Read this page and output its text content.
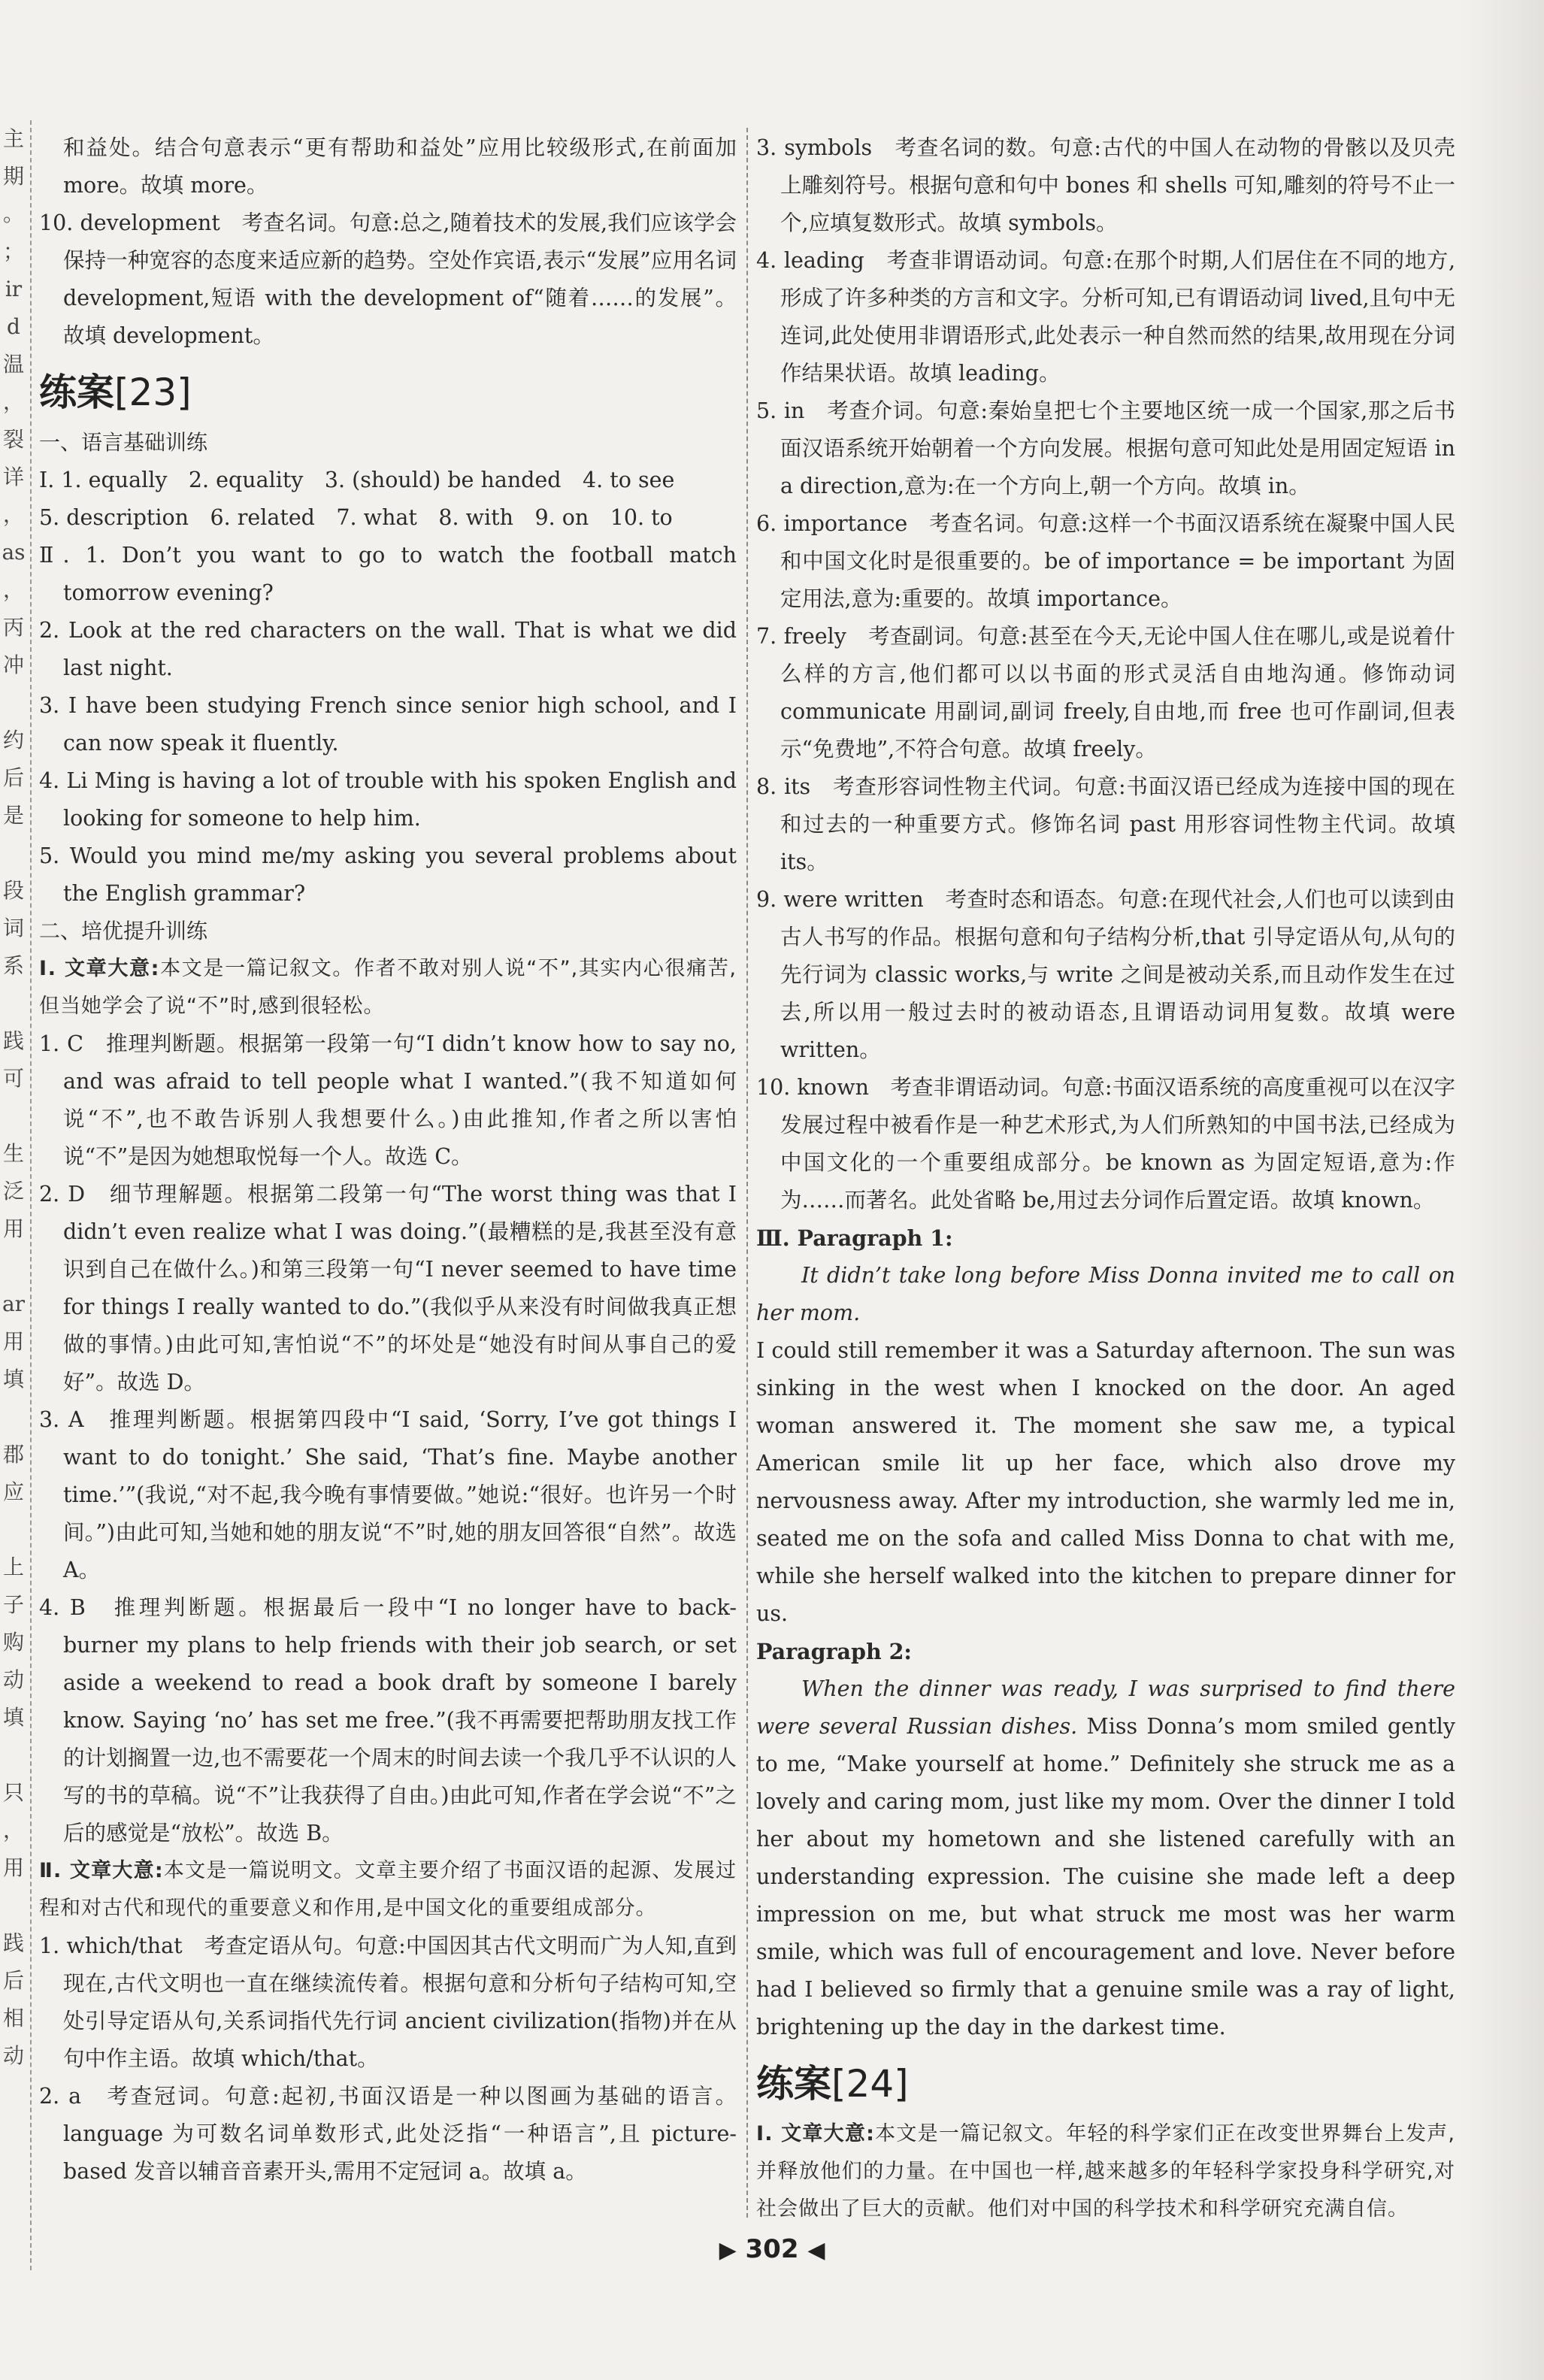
主
期
。
；
ir
d
温
，
裂
详
，
as
，
丙
冲
约
后
是
段
词
系
践
可
生
泛
用
ar
用
填
郡
应
上
子
购
动
填
只
，
用
践
后
相
动

和益处。结合句意表示“更有帮助和益处”应用比较级形式,在前面加 more。故填 more。

10. development　考查名词。句意:总之,随着技术的发展,我们应该学会保持一种宽容的态度来适应新的趋势。空处作宾语,表示“发展”应用名词development,短语 with the development of“随着……的发展”。故填 development。

练案[23]

一、语言基础训练

Ⅰ. 1. equally　2. equality　3. (should) be handed　4. to see

5. description　6. related　7. what　8. with　9. on　10. to

Ⅱ. 1. Don’t you want to go to watch the football match tomorrow evening?

2. Look at the red characters on the wall. That is what we did last night.

3. I have been studying French since senior high school, and I can now speak it fluently.

4. Li Ming is having a lot of trouble with his spoken English and looking for someone to help him.

5. Would you mind me/my asking you several problems about the English grammar?

二、培优提升训练

Ⅰ. 文章大意:本文是一篇记叙文。作者不敢对别人说“不”,其实内心很痛苦,但当她学会了说“不”时,感到很轻松。

1. C　推理判断题。根据第一段第一句“I didn’t know how to say no, and was afraid to tell people what I wanted.”(我不知道如何说“不”,也不敢告诉别人我想要什么。)由此推知,作者之所以害怕说“不”是因为她想取悦每一个人。故选 C。

2. D　细节理解题。根据第二段第一句“The worst thing was that I didn’t even realize what I was doing.”(最糟糕的是,我甚至没有意识到自己在做什么。)和第三段第一句“I never seemed to have time for things I really wanted to do.”(我似乎从来没有时间做我真正想做的事情。)由此可知,害怕说“不”的坏处是“她没有时间从事自己的爱好”。故选 D。

3. A　推理判断题。根据第四段中“I said, ‘Sorry, I’ve got things I want to do tonight.’ She said, ‘That’s fine. Maybe another time.’”(我说,“对不起,我今晚有事情要做。”她说:“很好。也许另一个时间。”)由此可知,当她和她的朋友说“不”时,她的朋友回答很“自然”。故选 A。

4. B　推理判断题。根据最后一段中“I no longer have to back-burner my plans to help friends with their job search, or set aside a weekend to read a book draft by someone I barely know. Saying ‘no’ has set me free.”(我不再需要把帮助朋友找工作的计划搁置一边,也不需要花一个周末的时间去读一个我几乎不认识的人写的书的草稿。说“不”让我获得了自由。)由此可知,作者在学会说“不”之后的感觉是“放松”。故选 B。

Ⅱ. 文章大意:本文是一篇说明文。文章主要介绍了书面汉语的起源、发展过程和对古代和现代的重要意义和作用,是中国文化的重要组成部分。

1. which/that　考查定语从句。句意:中国因其古代文明而广为人知,直到现在,古代文明也一直在继续流传着。根据句意和分析句子结构可知,空处引导定语从句,关系词指代先行词 ancient civilization(指物)并在从句中作主语。故填 which/that。

2. a　考查冠词。句意:起初,书面汉语是一种以图画为基础的语言。language 为可数名词单数形式,此处泛指“一种语言”,且 picture-based 发音以辅音音素开头,需用不定冠词 a。故填 a。

3. symbols　考查名词的数。句意:古代的中国人在动物的骨骸以及贝壳上雕刻符号。根据句意和句中 bones 和 shells 可知,雕刻的符号不止一个,应填复数形式。故填 symbols。

4. leading　考查非谓语动词。句意:在那个时期,人们居住在不同的地方,形成了许多种类的方言和文字。分析可知,已有谓语动词 lived,且句中无连词,此处使用非谓语形式,此处表示一种自然而然的结果,故用现在分词作结果状语。故填 leading。

5. in　考查介词。句意:秦始皇把七个主要地区统一成一个国家,那之后书面汉语系统开始朝着一个方向发展。根据句意可知此处是用固定短语 in a direction,意为:在一个方向上,朝一个方向。故填 in。

6. importance　考查名词。句意:这样一个书面汉语系统在凝聚中国人民和中国文化时是很重要的。be of importance = be important 为固定用法,意为:重要的。故填 importance。

7. freely　考查副词。句意:甚至在今天,无论中国人住在哪儿,或是说着什么样的方言,他们都可以以书面的形式灵活自由地沟通。修饰动词 communicate 用副词,副词 freely,自由地,而 free 也可作副词,但表示“免费地”,不符合句意。故填 freely。

8. its　考查形容词性物主代词。句意:书面汉语已经成为连接中国的现在和过去的一种重要方式。修饰名词 past 用形容词性物主代词。故填 its。

9. were written　考查时态和语态。句意:在现代社会,人们也可以读到由古人书写的作品。根据句意和句子结构分析,that 引导定语从句,从句的先行词为 classic works,与 write 之间是被动关系,而且动作发生在过去,所以用一般过去时的被动语态,且谓语动词用复数。故填 were written。

10. known　考查非谓语动词。句意:书面汉语系统的高度重视可以在汉字发展过程中被看作是一种艺术形式,为人们所熟知的中国书法,已经成为中国文化的一个重要组成部分。be known as 为固定短语,意为:作为……而著名。此处省略 be,用过去分词作后置定语。故填 known。

Ⅲ. Paragraph 1:

It didn’t take long before Miss Donna invited me to call on her mom.

I could still remember it was a Saturday afternoon. The sun was sinking in the west when I knocked on the door. An aged woman answered it. The moment she saw me, a typical American smile lit up her face, which also drove my nervousness away. After my introduction, she warmly led me in, seated me on the sofa and called Miss Donna to chat with me, while she herself walked into the kitchen to prepare dinner for us.

Paragraph 2:

When the dinner was ready, I was surprised to find there were several Russian dishes. Miss Donna’s mom smiled gently to me, “Make yourself at home.” Definitely she struck me as a lovely and caring mom, just like my mom. Over the dinner I told her about my hometown and she listened carefully with an understanding expression. The cuisine she made left a deep impression on me, but what struck me most was her warm smile, which was full of encouragement and love. Never before had I believed so firmly that a genuine smile was a ray of light, brightening up the day in the darkest time.

练案[24]

Ⅰ. 文章大意:本文是一篇记叙文。年轻的科学家们正在改变世界舞台上发声,并释放他们的力量。在中国也一样,越来越多的年轻科学家投身科学研究,对社会做出了巨大的贡献。他们对中国的科学技术和科学研究充满自信。

▶ 302 ◀
